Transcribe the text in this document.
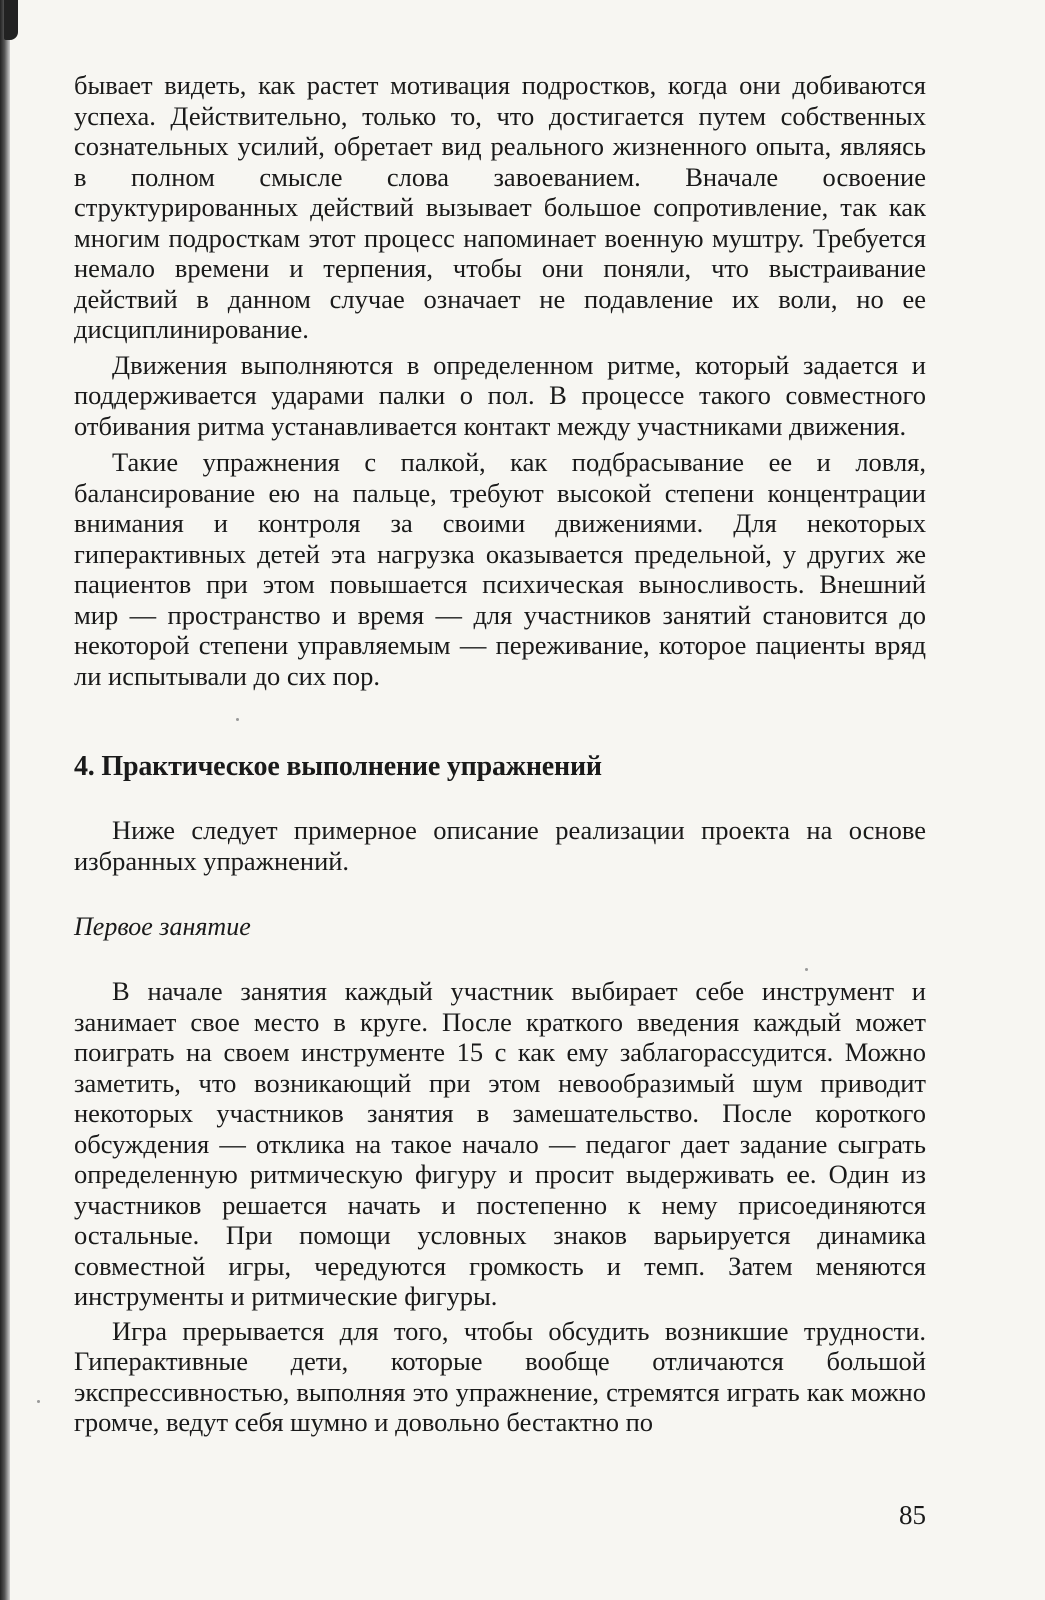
бывает видеть, как растет мотивация подростков, когда они добиваются успеха. Действительно, только то, что достигается путем собственных сознательных усилий, обретает вид реального жизненного опыта, являясь в полном смысле слова завоеванием. Вначале освоение структурированных действий вызывает большое сопротивление, так как многим подросткам этот процесс напоминает военную муштру. Требуется немало времени и терпения, чтобы они поняли, что выстраивание действий в данном случае означает не подавление их воли, но ее дисциплинирование.

Движения выполняются в определенном ритме, который задается и поддерживается ударами палки о пол. В процессе такого совместного отбивания ритма устанавливается контакт между участниками движения.

Такие упражнения с палкой, как подбрасывание ее и ловля, балансирование ею на пальце, требуют высокой степени концентрации внимания и контроля за своими движениями. Для некоторых гиперактивных детей эта нагрузка оказывается предельной, у других же пациентов при этом повышается психическая выносливость. Внешний мир — пространство и время — для участников занятий становится до некоторой степени управляемым — переживание, которое пациенты вряд ли испытывали до сих пор.

4. Практическое выполнение упражнений

Ниже следует примерное описание реализации проекта на основе избранных упражнений.

Первое занятие

В начале занятия каждый участник выбирает себе инструмент и занимает свое место в круге. После краткого введения каждый может поиграть на своем инструменте 15 с как ему заблагорассудится. Можно заметить, что возникающий при этом невообразимый шум приводит некоторых участников занятия в замешательство. После короткого обсуждения — отклика на такое начало — педагог дает задание сыграть определенную ритмическую фигуру и просит выдерживать ее. Один из участников решается начать и постепенно к нему присоединяются остальные. При помощи условных знаков варьируется динамика совместной игры, чередуются громкость и темп. Затем меняются инструменты и ритмические фигуры.

Игра прерывается для того, чтобы обсудить возникшие трудности. Гиперактивные дети, которые вообще отличаются большой экспрессивностью, выполняя это упражнение, стремятся играть как можно громче, ведут себя шумно и довольно бестактно по

85
